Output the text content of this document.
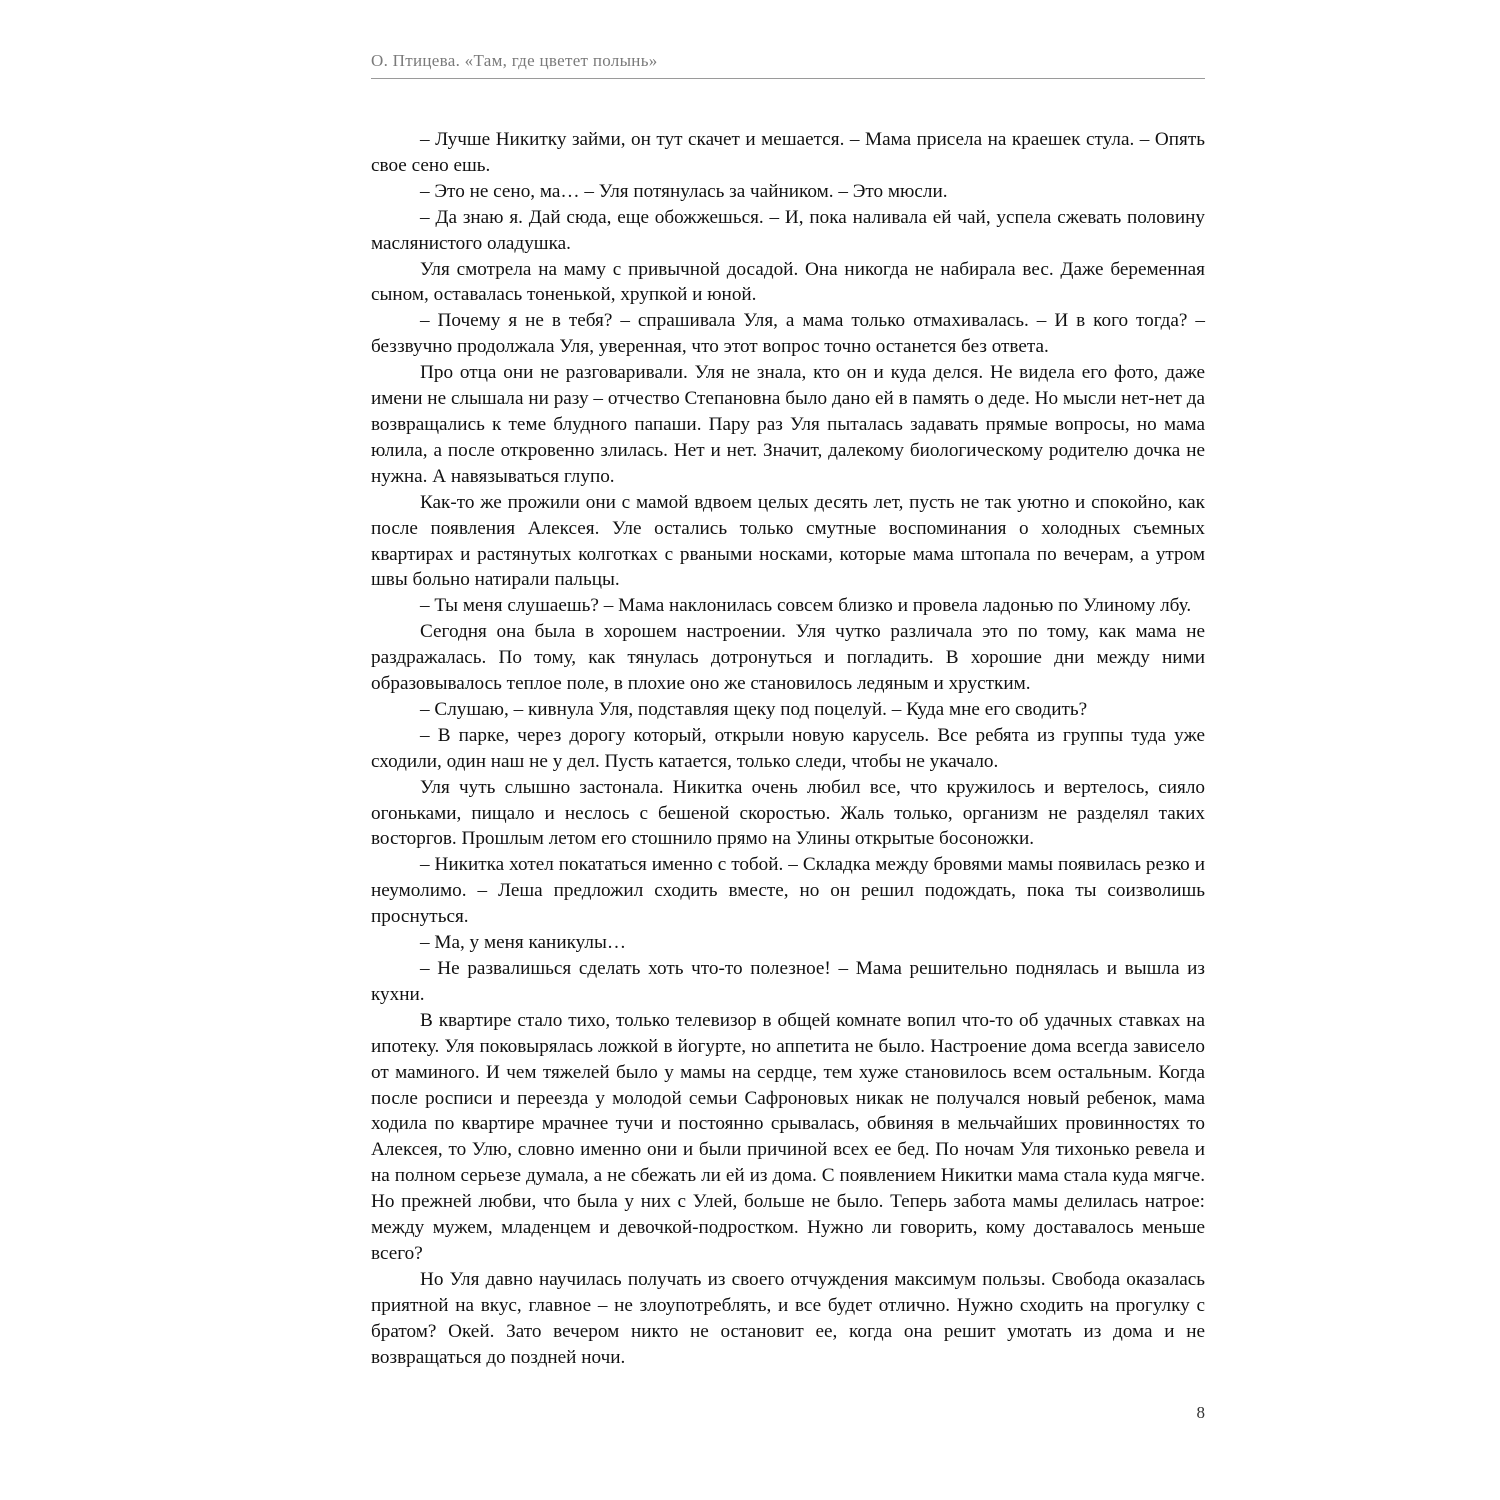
О. Птицева. «Там, где цветет полынь»

– Лучше Никитку займи, он тут скачет и мешается. – Мама присела на краешек стула. – Опять свое сено ешь.

– Это не сено, ма… – Уля потянулась за чайником. – Это мюсли.

– Да знаю я. Дай сюда, еще обожжешься. – И, пока наливала ей чай, успела сжевать половину маслянистого оладушка.

Уля смотрела на маму с привычной досадой. Она никогда не набирала вес. Даже беременная сыном, оставалась тоненькой, хрупкой и юной.

– Почему я не в тебя? – спрашивала Уля, а мама только отмахивалась. – И в кого тогда? – беззвучно продолжала Уля, уверенная, что этот вопрос точно останется без ответа.

Про отца они не разговаривали. Уля не знала, кто он и куда делся. Не видела его фото, даже имени не слышала ни разу – отчество Степановна было дано ей в память о деде. Но мысли нет-нет да возвращались к теме блудного папаши. Пару раз Уля пыталась задавать прямые вопросы, но мама юлила, а после откровенно злилась. Нет и нет. Значит, далекому биологическому родителю дочка не нужна. А навязываться глупо.

Как-то же прожили они с мамой вдвоем целых десять лет, пусть не так уютно и спокойно, как после появления Алексея. Уле остались только смутные воспоминания о холодных съемных квартирах и растянутых колготках с рваными носками, которые мама штопала по вечерам, а утром швы больно натирали пальцы.

– Ты меня слушаешь? – Мама наклонилась совсем близко и провела ладонью по Улиному лбу.

Сегодня она была в хорошем настроении. Уля чутко различала это по тому, как мама не раздражалась. По тому, как тянулась дотронуться и погладить. В хорошие дни между ними образовывалось теплое поле, в плохие оно же становилось ледяным и хрустким.

– Слушаю, – кивнула Уля, подставляя щеку под поцелуй. – Куда мне его сводить?

– В парке, через дорогу который, открыли новую карусель. Все ребята из группы туда уже сходили, один наш не у дел. Пусть катается, только следи, чтобы не укачало.

Уля чуть слышно застонала. Никитка очень любил все, что кружилось и вертелось, сияло огоньками, пищало и неслось с бешеной скоростью. Жаль только, организм не разделял таких восторгов. Прошлым летом его стошнило прямо на Улины открытые босоножки.

– Никитка хотел покататься именно с тобой. – Складка между бровями мамы появилась резко и неумолимо. – Леша предложил сходить вместе, но он решил подождать, пока ты соизволишь проснуться.

– Ма, у меня каникулы…

– Не развалишься сделать хоть что-то полезное! – Мама решительно поднялась и вышла из кухни.

В квартире стало тихо, только телевизор в общей комнате вопил что-то об удачных ставках на ипотеку. Уля поковырялась ложкой в йогурте, но аппетита не было. Настроение дома всегда зависело от маминого. И чем тяжелей было у мамы на сердце, тем хуже становилось всем остальным. Когда после росписи и переезда у молодой семьи Сафроновых никак не получался новый ребенок, мама ходила по квартире мрачнее тучи и постоянно срывалась, обвиняя в мельчайших провинностях то Алексея, то Улю, словно именно они и были причиной всех ее бед. По ночам Уля тихонько ревела и на полном серьезе думала, а не сбежать ли ей из дома. С появлением Никитки мама стала куда мягче. Но прежней любви, что была у них с Улей, больше не было. Теперь забота мамы делилась натрое: между мужем, младенцем и девочкой-подростком. Нужно ли говорить, кому доставалось меньше всего?

Но Уля давно научилась получать из своего отчуждения максимум пользы. Свобода оказалась приятной на вкус, главное – не злоупотреблять, и все будет отлично. Нужно сходить на прогулку с братом? Окей. Зато вечером никто не остановит ее, когда она решит умотать из дома и не возвращаться до поздней ночи.

8
